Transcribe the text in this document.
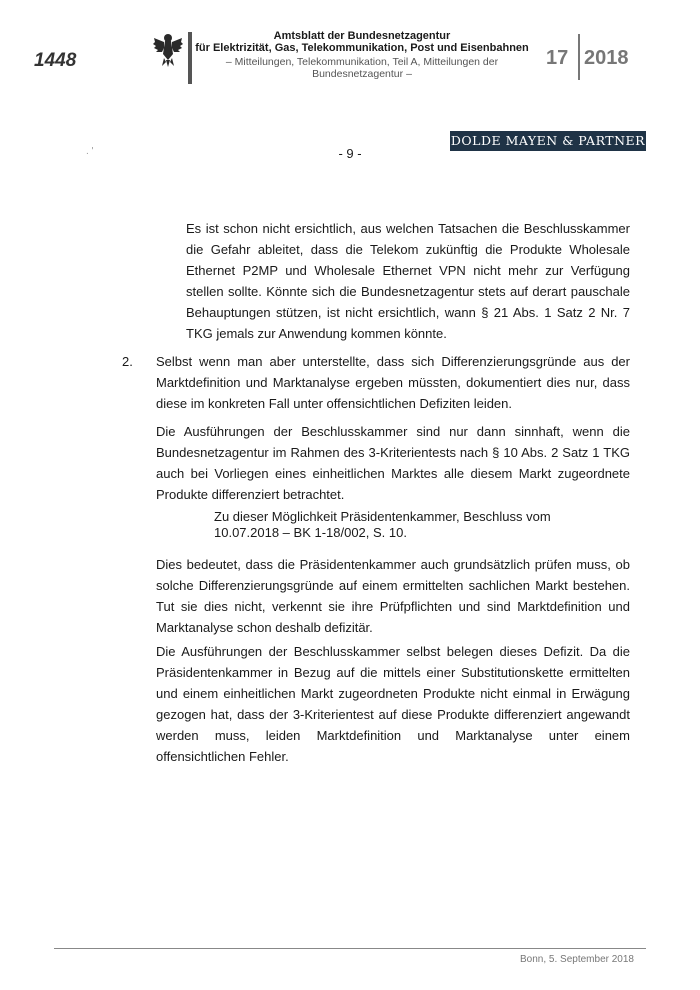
1448
Amtsblatt der Bundesnetzagentur
für Elektrizität, Gas, Telekommunikation, Post und Eisenbahnen
– Mitteilungen, Telekommunikation, Teil A, Mitteilungen der Bundesnetzagentur –
17 2018
DOLDE MAYEN & PARTNER
. '	- 9 -
Es ist schon nicht ersichtlich, aus welchen Tatsachen die Beschlusskammer die Gefahr ableitet, dass die Telekom zukünftig die Produkte Wholesale Ethernet P2MP und Wholesale Ethernet VPN nicht mehr zur Verfügung stellen sollte. Könnte sich die Bundesnetzagentur stets auf derart pauschale Behauptungen stützen, ist nicht ersichtlich, wann § 21 Abs. 1 Satz 2 Nr. 7 TKG jemals zur Anwendung kommen könnte.
2. Selbst wenn man aber unterstellte, dass sich Differenzierungsgründe aus der Marktdefinition und Marktanalyse ergeben müssten, dokumentiert dies nur, dass diese im konkreten Fall unter offensichtlichen Defiziten leiden.
Die Ausführungen der Beschlusskammer sind nur dann sinnhaft, wenn die Bundesnetzagentur im Rahmen des 3-Kriterientests nach § 10 Abs. 2 Satz 1 TKG auch bei Vorliegen eines einheitlichen Marktes alle diesem Markt zugeordnete Produkte differenziert betrachtet.
Zu dieser Möglichkeit Präsidentenkammer, Beschluss vom 10.07.2018 – BK 1-18/002, S. 10.
Dies bedeutet, dass die Präsidentenkammer auch grundsätzlich prüfen muss, ob solche Differenzierungsgründe auf einem ermittelten sachlichen Markt bestehen. Tut sie dies nicht, verkennt sie ihre Prüfpflichten und sind Marktdefinition und Marktanalyse schon deshalb defizitär.
Die Ausführungen der Beschlusskammer selbst belegen dieses Defizit. Da die Präsidentenkammer in Bezug auf die mittels einer Substitutionskette ermittelten und einem einheitlichen Markt zugeordneten Produkte nicht einmal in Erwägung gezogen hat, dass der 3-Kriterientest auf diese Produkte differenziert angewandt werden muss, leiden Marktdefinition und Marktanalyse unter einem offensichtlichen Fehler.
Bonn, 5. September 2018
